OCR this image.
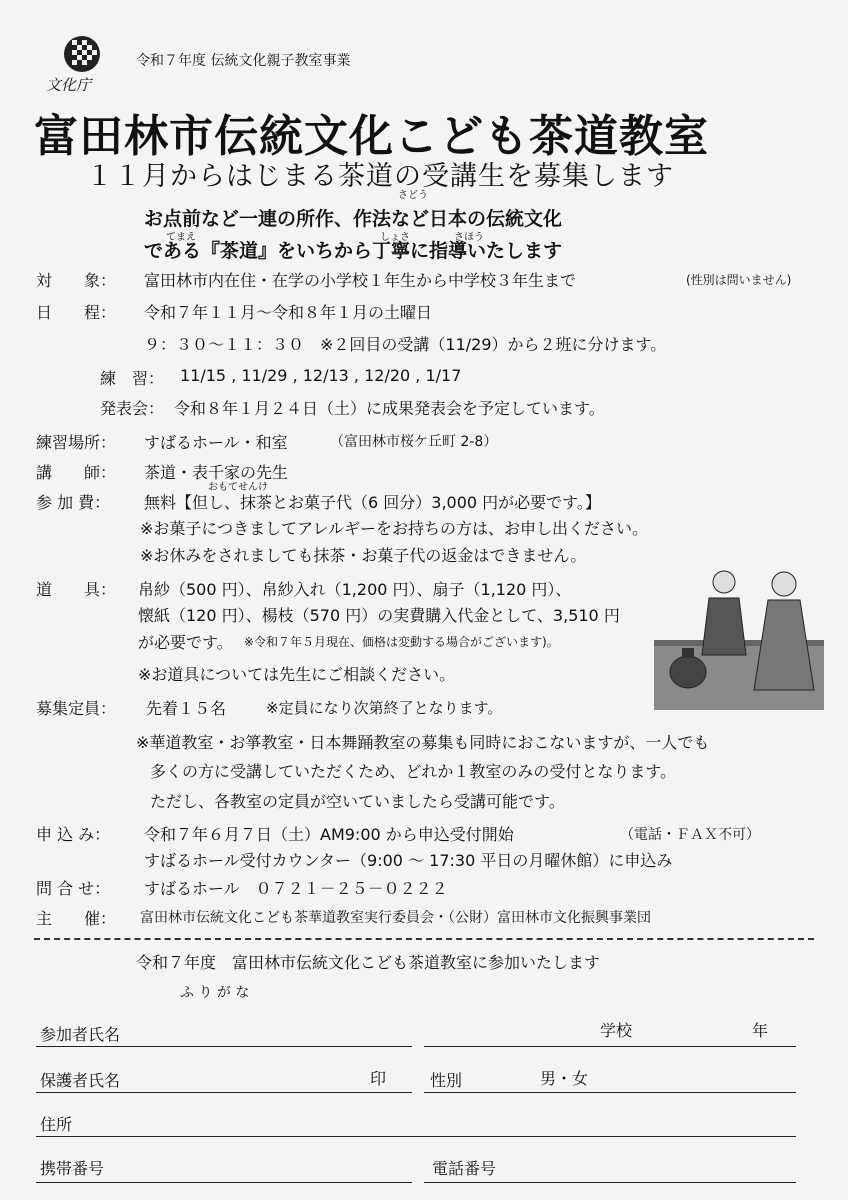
文化庁
令和７年度 伝統文化親子教室事業
富田林市伝統文化こども茶道教室
１１月からはじまる茶道の受講生を募集します
さどう
お点前など一連の所作、作法など日本の伝統文化
てまえ	しょさ	さほう
である『茶道』をいちから丁寧に指導いたします
対　　象： 富田林市内在住・在学の小学校１年生から中学校３年生まで	(性別は問いません)
日　　程： 令和７年１１月～令和８年１月の土曜日
９：３０～１１：３０　※２回目の受講（11/29）から２班に分けます。
練　習： 11/15 , 11/29 , 12/13 , 12/20 , 1/17
発表会： 令和８年１月２４日（土）に成果発表会を予定しています。
練習場所： すばるホール・和室	（富田林市桜ケ丘町 2-8）
講　　師： 茶道・表千家の先生
おもてせんけ
参 加 費： 無料【但し、抹茶とお菓子代（6 回分）3,000 円が必要です。】
※お菓子につきましてアレルギーをお持ちの方は、お申し出ください。
※お休みをされましても抹茶・お菓子代の返金はできません。
道　　具： 帛紗（500 円）、帛紗入れ（1,200 円）、扇子（1,120 円）、
懐紙（120 円）、楊枝（570 円）の実費購入代金として、3,510 円
が必要です。 ※令和７年５月現在、価格は変動する場合がございます)。
※お道具については先生にご相談ください。
募集定員： 先着１５名	※定員になり次第終了となります。
※華道教室・お箏教室・日本舞踊教室の募集も同時におこないますが、一人でも
多くの方に受講していただくため、どれか１教室のみの受付となります。
ただし、各教室の定員が空いていましたら受講可能です。
申 込 み： 令和７年６月７日（土）AM9:00 から申込受付開始	（電話・ＦＡＸ不可）
すばるホール受付カウンター（9:00 ～ 17:30 平日の月曜休館）に申込み
問 合 せ： すばるホール　０７２１－２５－０２２２
主　　催： 富田林市伝統文化こども茶華道教室実行委員会・（公財）富田林市文化振興事業団
令和７年度　富田林市伝統文化こども茶道教室に参加いたします
ふ り が な
参加者氏名	学校	年
保護者氏名	印	性別	男・女
住所
携帯番号	電話番号
